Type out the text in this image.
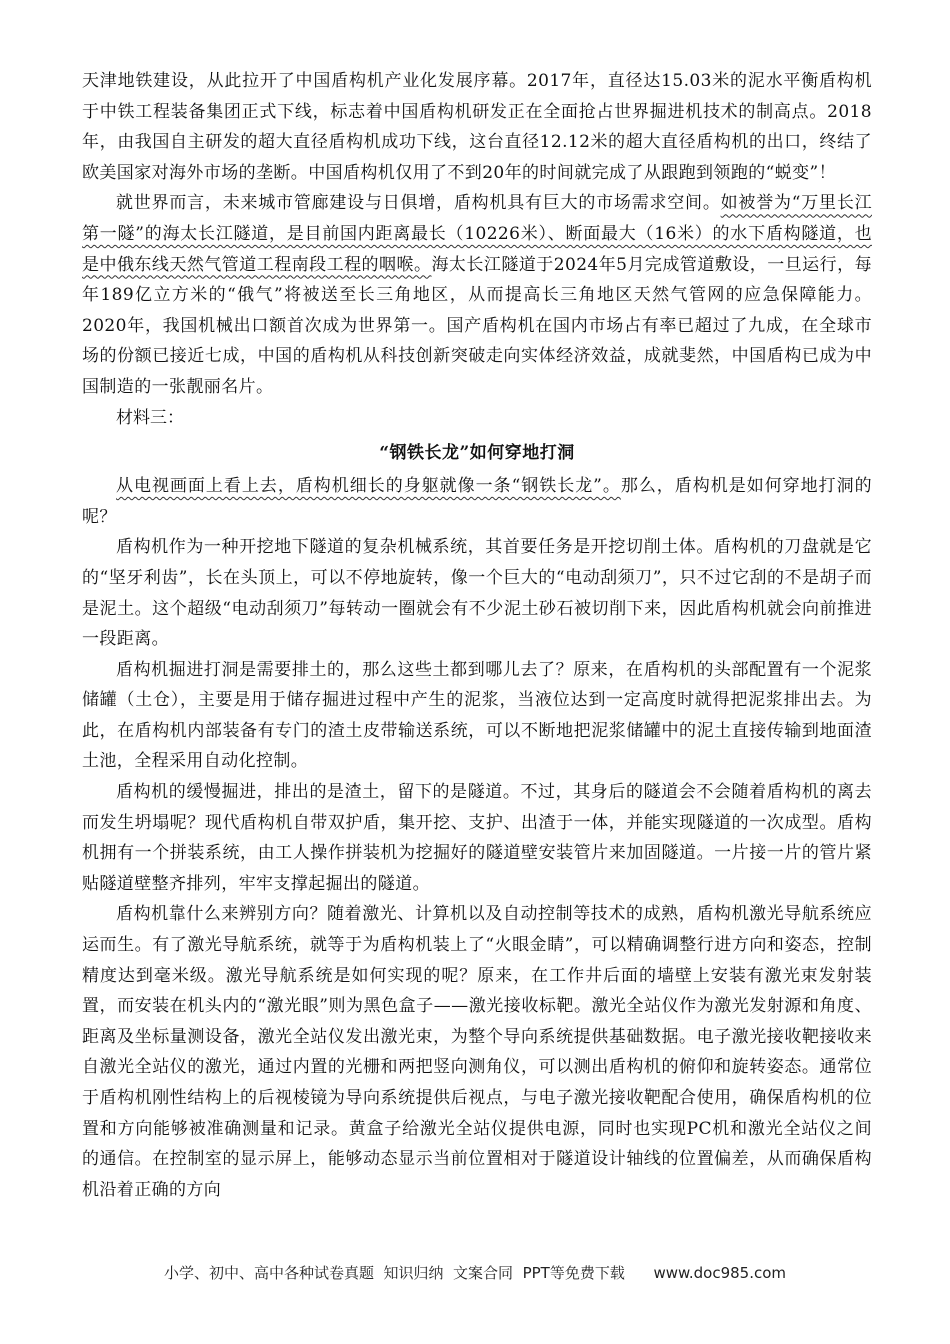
天津地铁建设，从此拉开了中国盾构机产业化发展序幕。2017年，直径达15.03米的泥水平衡盾构机于中铁工程装备集团正式下线，标志着中国盾构机研发正在全面抢占世界掘进机技术的制高点。2018年，由我国自主研发的超大直径盾构机成功下线，这台直径12.12米的超大直径盾构机的出口，终结了欧美国家对海外市场的垄断。中国盾构机仅用了不到20年的时间就完成了从跟跑到领跑的“蜕变”！

就世界而言，未来城市管廊建设与日俱增，盾构机具有巨大的市场需求空间。如被誉为“万里长江第一隧”的海太长江隧道，是目前国内距离最长（10226米）、断面最大（16米）的水下盾构隧道，也是中俄东线天然气管道工程南段工程的咽喉。海太长江隧道于2024年5月完成管道敷设，一旦运行，每年189亿立方米的“俄气”将被送至长三角地区，从而提高长三角地区天然气管网的应急保障能力。2020年，我国机械出口额首次成为世界第一。国产盾构机在国内市场占有率已超过了九成，在全球市场的份额已接近七成，中国的盾构机从科技创新突破走向实体经济效益，成就斐然，中国盾构已成为中国制造的一张靓丽名片。

材料三：

“钢铁长龙”如何穿地打洞

从电视画面上看上去，盾构机细长的身躯就像一条“钢铁长龙”。那么，盾构机是如何穿地打洞的呢？

盾构机作为一种开挖地下隧道的复杂机械系统，其首要任务是开挖切削土体。盾构机的刀盘就是它的“坚牙利齿”，长在头顶上，可以不停地旋转，像一个巨大的“电动刮须刀”，只不过它刮的不是胡子而是泥土。这个超级“电动刮须刀”每转动一圈就会有不少泥土砂石被切削下来，因此盾构机就会向前推进一段距离。

盾构机掘进打洞是需要排土的，那么这些土都到哪儿去了？原来，在盾构机的头部配置有一个泥浆储罐（土仓），主要是用于储存掘进过程中产生的泥浆，当液位达到一定高度时就得把泥浆排出去。为此，在盾构机内部装备有专门的渣土皮带输送系统，可以不断地把泥浆储罐中的泥土直接传输到地面渣土池，全程采用自动化控制。

盾构机的缓慢掘进，排出的是渣土，留下的是隧道。不过，其身后的隧道会不会随着盾构机的离去而发生坍塌呢？现代盾构机自带双护盾，集开挖、支护、出渣于一体，并能实现隧道的一次成型。盾构机拥有一个拼装系统，由工人操作拼装机为挖掘好的隧道壁安装管片来加固隧道。一片接一片的管片紧贴隧道壁整齐排列，牢牢支撑起掘出的隧道。

盾构机靠什么来辨别方向？随着激光、计算机以及自动控制等技术的成熟，盾构机激光导航系统应运而生。有了激光导航系统，就等于为盾构机装上了“火眼金睛”，可以精确调整行进方向和姿态，控制精度达到毫米级。激光导航系统是如何实现的呢？原来，在工作井后面的墙壁上安装有激光束发射装置，而安装在机头内的“激光眼”则为黑色盒子——激光接收标靶。激光全站仪作为激光发射源和角度、距离及坐标量测设备，激光全站仪发出激光束，为整个导向系统提供基础数据。电子激光接收靶接收来自激光全站仪的激光，通过内置的光栅和两把竖向测角仪，可以测出盾构机的俯仰和旋转姿态。通常位于盾构机刚性结构上的后视棱镜为导向系统提供后视点，与电子激光接收靶配合使用，确保盾构机的位置和方向能够被准确测量和记录。黄盒子给激光全站仪提供电源，同时也实现PC机和激光全站仪之间的通信。在控制室的显示屏上，能够动态显示当前位置相对于隧道设计轴线的位置偏差，从而确保盾构机沿着正确的方向

小学、初中、高中各种试卷真题  知识归纳  文案合同  PPT等免费下载 www.doc985.com
